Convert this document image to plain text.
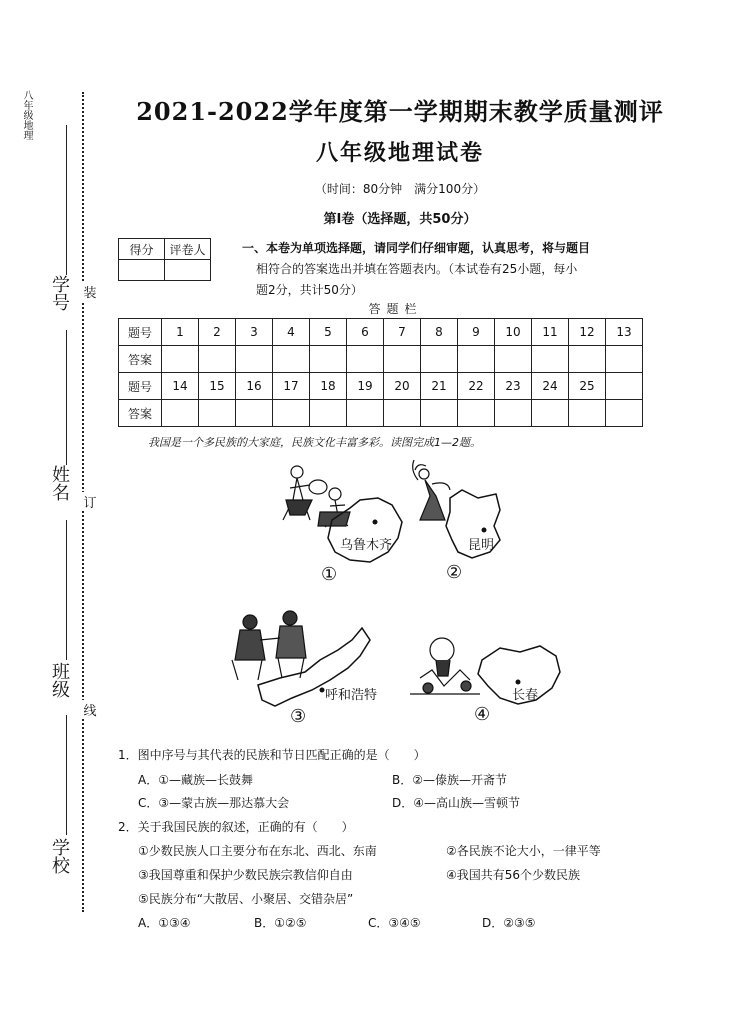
八年级地理
装
订
线
学号
姓名
班级
学校
2021-2022学年度第一学期期末教学质量测评
八年级地理试卷
（时间：80分钟　满分100分）
第Ⅰ卷（选择题，共50分）
得分	评卷人
		一、本卷为单项选择题，请同学们仔细审题，认真思考，将与题目
相符合的答案选出并填在答题表内。（本试卷有25小题，每小
题2分，共计50分）
答题栏
题号	1	2	3	4	5	6	7	8	9	10	11	12	13
答案													
题号	14	15	16	17	18	19	20	21	22	23	24	25	
答案													
我国是一个多民族的大家庭，民族文化丰富多彩。读图完成1—2题。
乌鲁木齐
①
昆明
②
呼和浩特
③
长春
④
1．图中序号与其代表的民族和节日匹配正确的是（　　）
A．①—藏族—长鼓舞	B．②—傣族—开斋节
C．③—蒙古族—那达慕大会	D．④—高山族—雪顿节
2．关于我国民族的叙述，正确的有（　　）
①少数民族人口主要分布在东北、西北、东南	②各民族不论大小，一律平等
③我国尊重和保护少数民族宗教信仰自由	④我国共有56个少数民族
⑤民族分布“大散居、小聚居、交错杂居”
A．①③④	B．①②⑤	C．③④⑤	D．②③⑤
